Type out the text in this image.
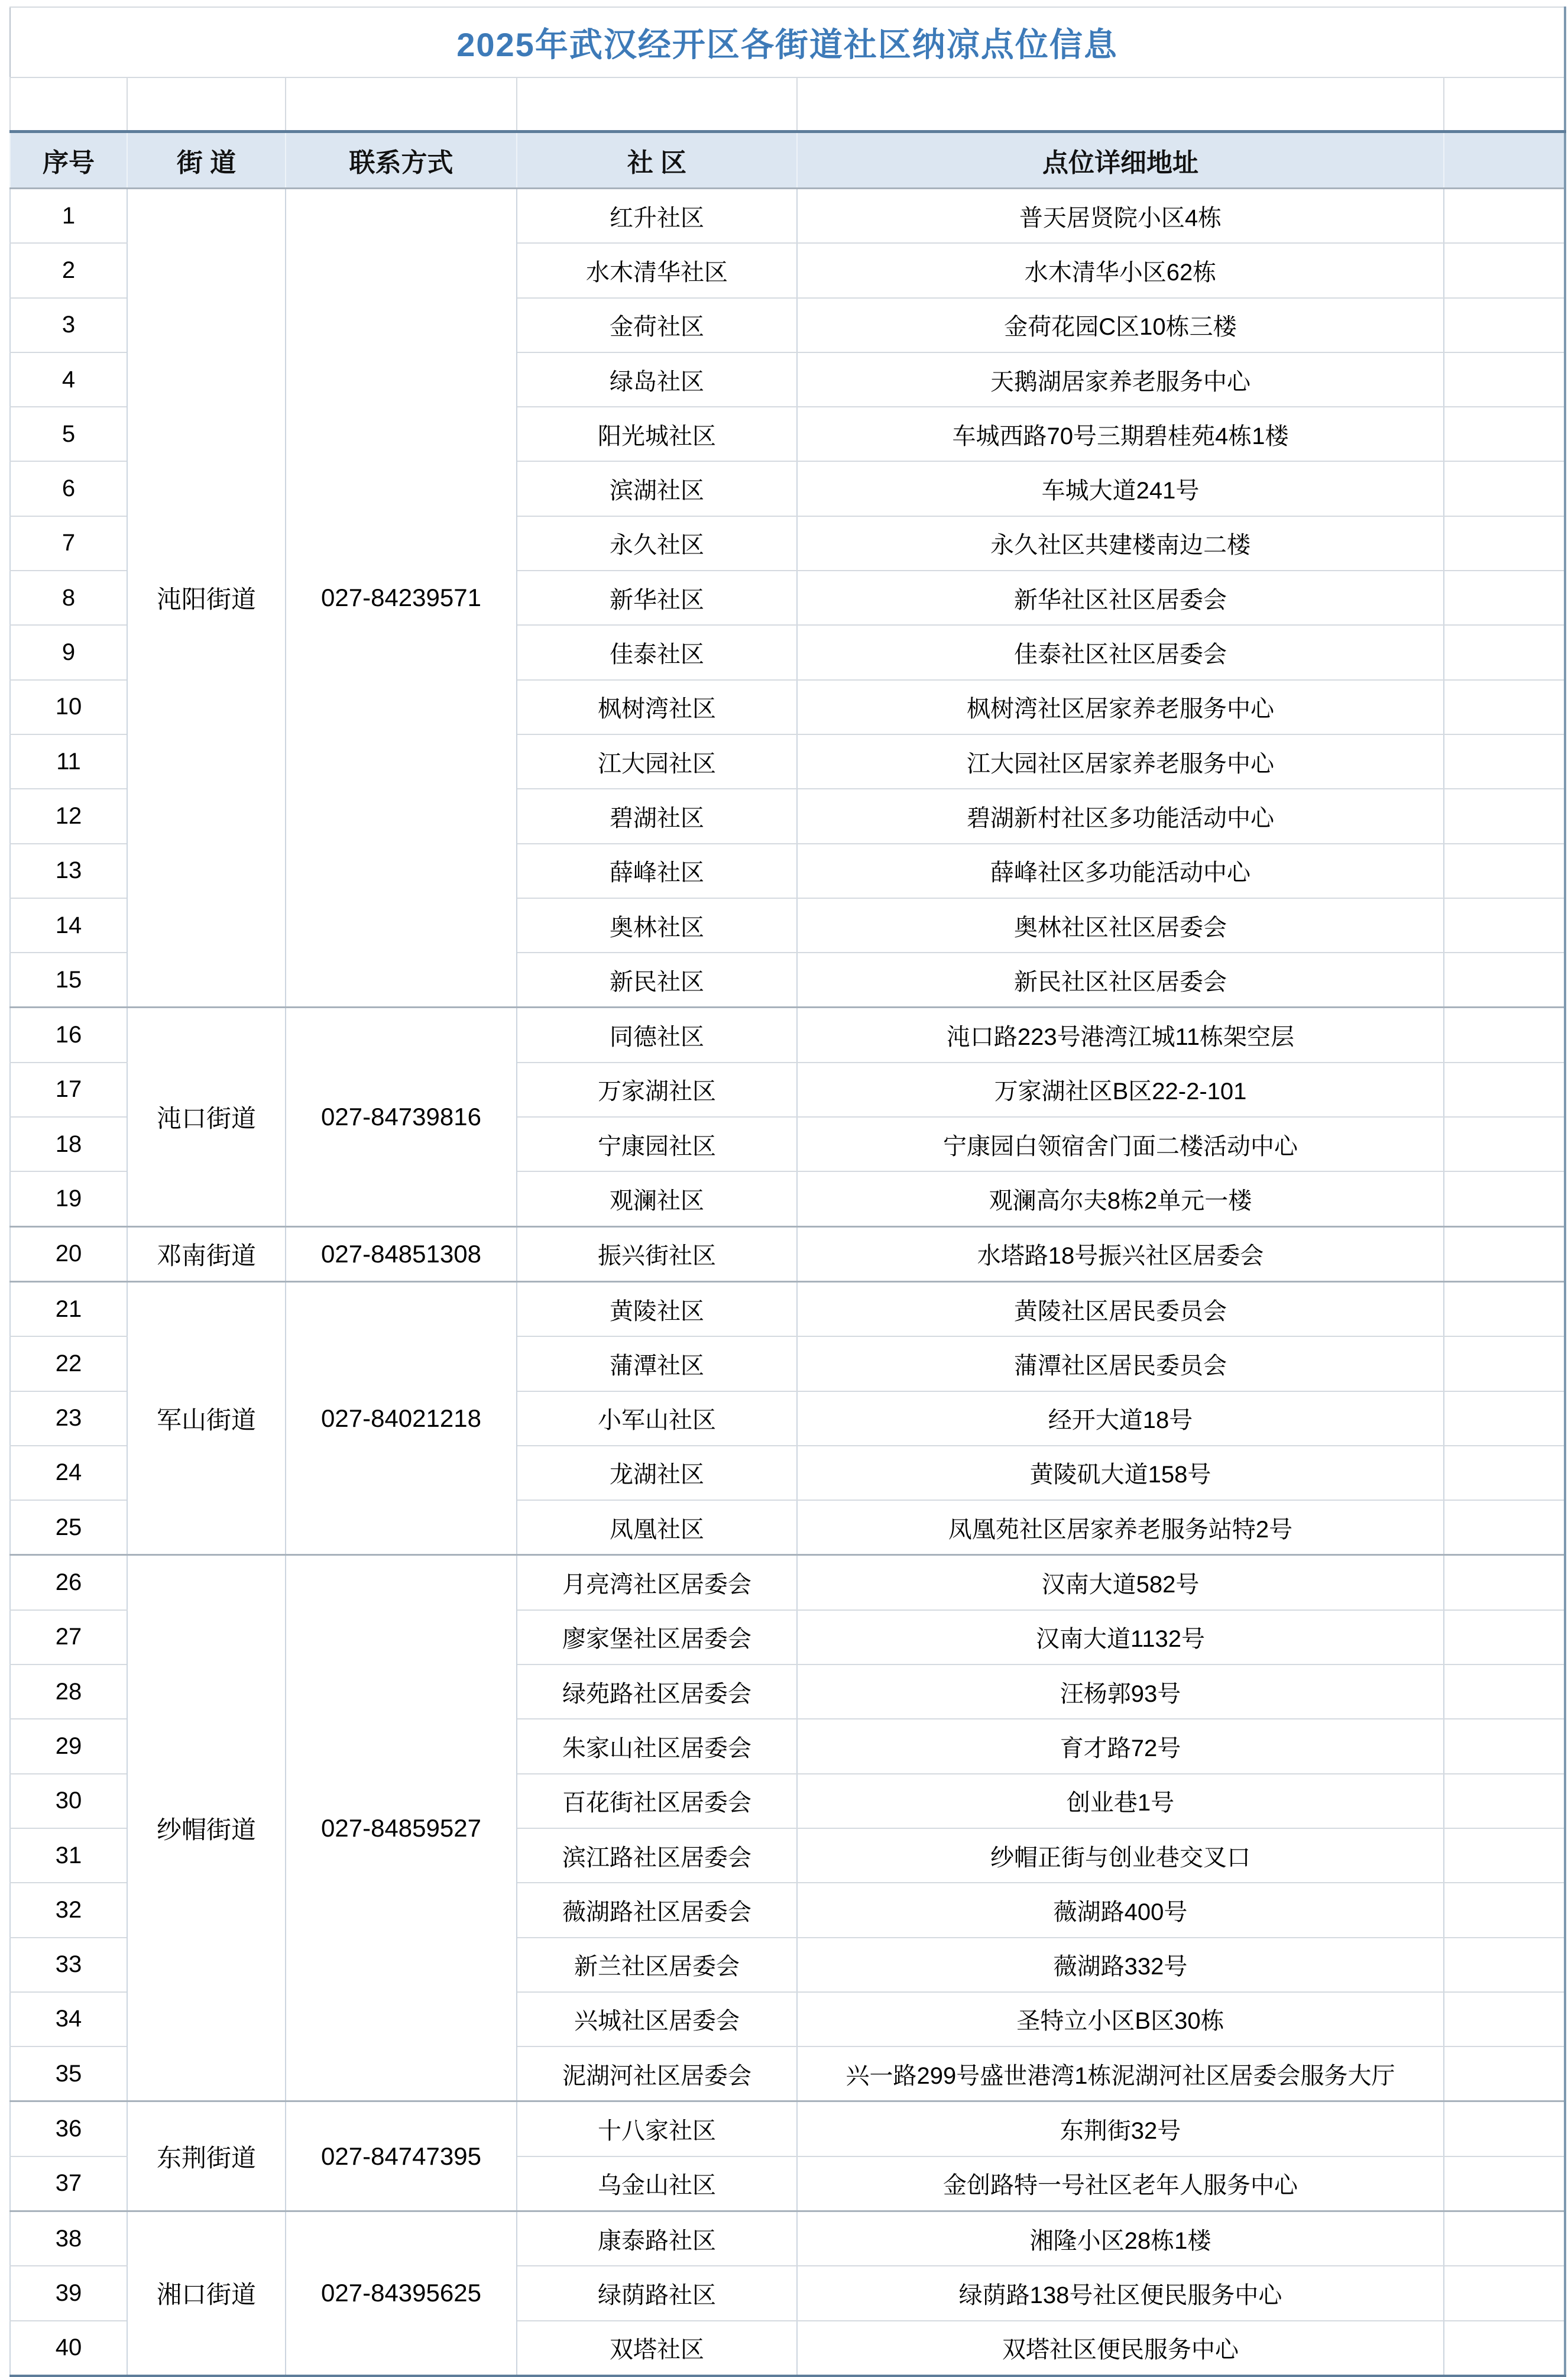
2025年武汉经开区各街道社区纳凉点位信息					

序号	街 道	联系方式	社 区	点位详细地址	
1	沌阳街道	027-84239571	红升社区	普天居贤院小区4栋	
2			水木清华社区	水木清华小区62栋	
3			金荷社区	金荷花园C区10栋三楼	
4			绿岛社区	天鹅湖居家养老服务中心	
5			阳光城社区	车城西路70号三期碧桂苑4栋1楼	
6			滨湖社区	车城大道241号	
7			永久社区	永久社区共建楼南边二楼	
8			新华社区	新华社区社区居委会	
9			佳泰社区	佳泰社区社区居委会	
10			枫树湾社区	枫树湾社区居家养老服务中心	
11			江大园社区	江大园社区居家养老服务中心	
12			碧湖社区	碧湖新村社区多功能活动中心	
13			薛峰社区	薛峰社区多功能活动中心	
14			奥林社区	奥林社区社区居委会	
15			新民社区	新民社区社区居委会	
16	沌口街道	027-84739816	同德社区	沌口路223号港湾江城11栋架空层	
17			万家湖社区	万家湖社区B区22-2-101	
18			宁康园社区	宁康园白领宿舍门面二楼活动中心	
19			观澜社区	观澜高尔夫8栋2单元一楼	
20	邓南街道	027-84851308	振兴街社区	水塔路18号振兴社区居委会	
21	军山街道	027-84021218	黄陵社区	黄陵社区居民委员会	
22			蒲潭社区	蒲潭社区居民委员会	
23			小军山社区	经开大道18号	
24			龙湖社区	黄陵矶大道158号	
25			凤凰社区	凤凰苑社区居家养老服务站特2号	
26	纱帽街道	027-84859527	月亮湾社区居委会	汉南大道582号	
27			廖家堡社区居委会	汉南大道1132号	
28			绿苑路社区居委会	汪杨郭93号	
29			朱家山社区居委会	育才路72号	
30			百花街社区居委会	创业巷1号	
31			滨江路社区居委会	纱帽正街与创业巷交叉口	
32			薇湖路社区居委会	薇湖路400号	
33			新兰社区居委会	薇湖路332号	
34			兴城社区居委会	圣特立小区B区30栋	
35			泥湖河社区居委会	兴一路299号盛世港湾1栋泥湖河社区居委会服务大厅	
36	东荆街道	027-84747395	十八家社区	东荆街32号	
37			乌金山社区	金创路特一号社区老年人服务中心	
38	湘口街道	027-84395625	康泰路社区	湘隆小区28栋1楼	
39			绿荫路社区	绿荫路138号社区便民服务中心	
40			双塔社区	双塔社区便民服务中心	
